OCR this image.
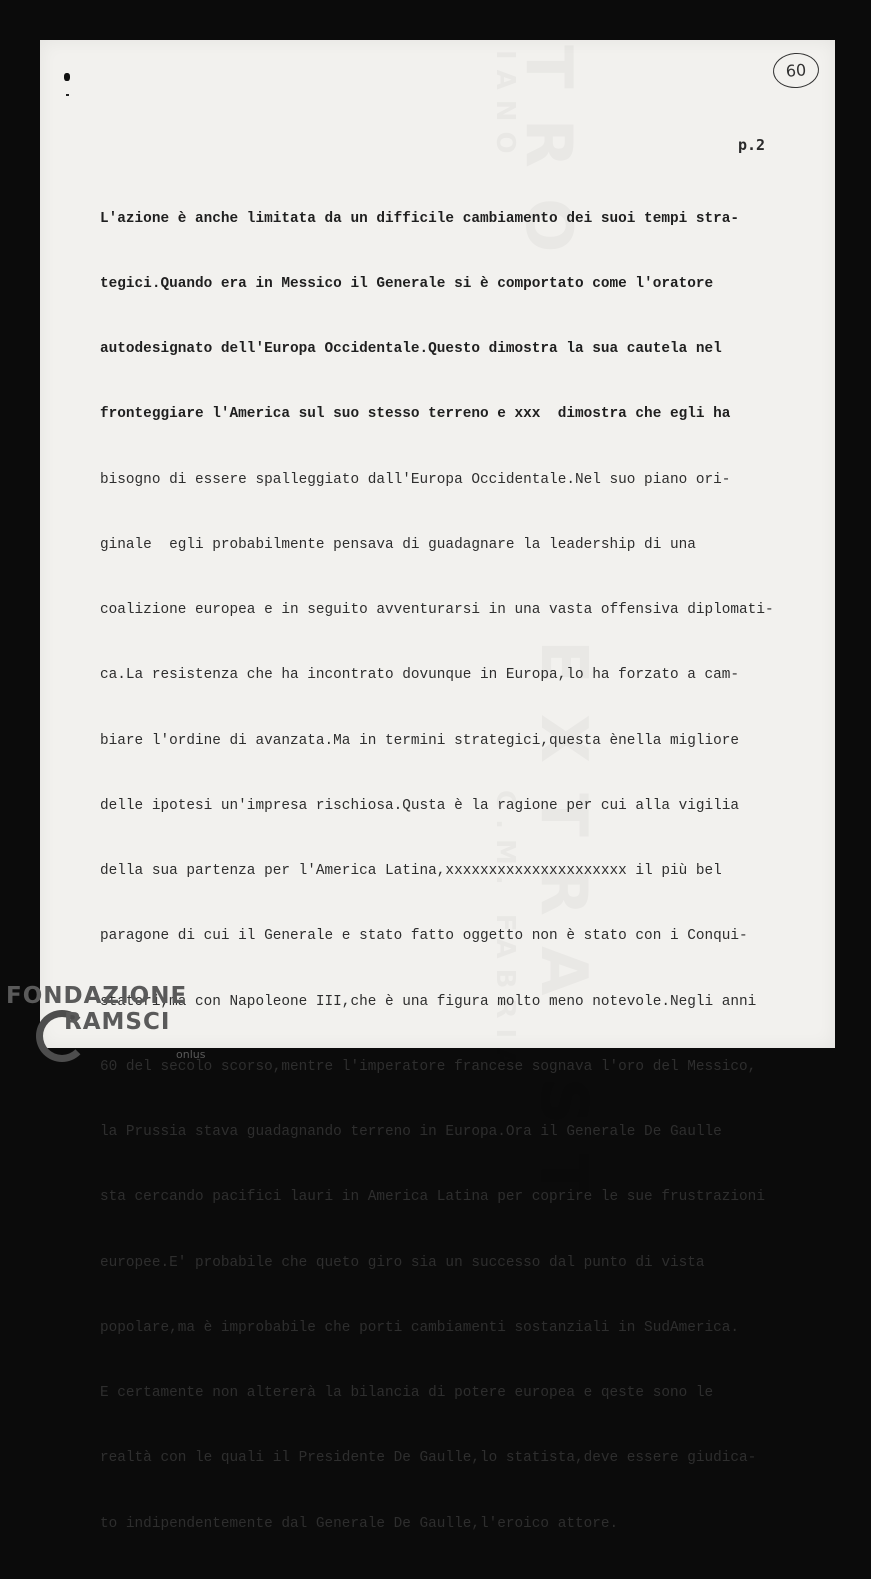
60
p.2

L'azione è anche limitata da un difficile cambiamento dei suoi tempi stra-

tegici.Quando era in Messico il Generale si è comportato come l'oratore

autodesignato dell'Europa Occidentale.Questo dimostra la sua cautela nel

fronteggiare l'America sul suo stesso terreno e xxx  dimostra che egli ha

bisogno di essere spalleggiato dall'Europa Occidentale.Nel suo piano ori-

ginale  egli probabilmente pensava di guadagnare la leadership di una

coalizione europea e in seguito avventurarsi in una vasta offensiva diplomati-

ca.La resistenza che ha incontrato dovunque in Europa,lo ha forzato a cam-

biare l'ordine di avanzata.Ma in termini strategici,questa ènella migliore

delle ipotesi un'impresa rischiosa.Qusta è la ragione per cui alla vigilia

della sua partenza per l'America Latina,xxxxxxxxxxxxxxxxxxxxx il più bel

paragone di cui il Generale e stato fatto oggetto non è stato con i Conqui-

statori,ma con Napoleone III,che è una figura molto meno notevole.Negli anni

60 del secolo scorso,mentre l'imperatore francese sognava l'oro del Messico,

la Prussia stava guadagnando terreno in Europa.Ora il Generale De Gaulle

sta cercando pacifici lauri in America Latina per coprire le sue frustrazioni

europee.E' probabile che queto giro sia un successo dal punto di vista

popolare,ma è improbabile che porti cambiamenti sostanziali in SudAmerica.

E certamente non altererà la bilancia di potere europea e qeste sono le

realtà con le quali il Presidente De Gaulle,lo statista,deve essere giudica-

to indipendentemente dal Generale De Gaulle,l'eroico attore.

FONDAZIONE
RAMSCI
onlus
